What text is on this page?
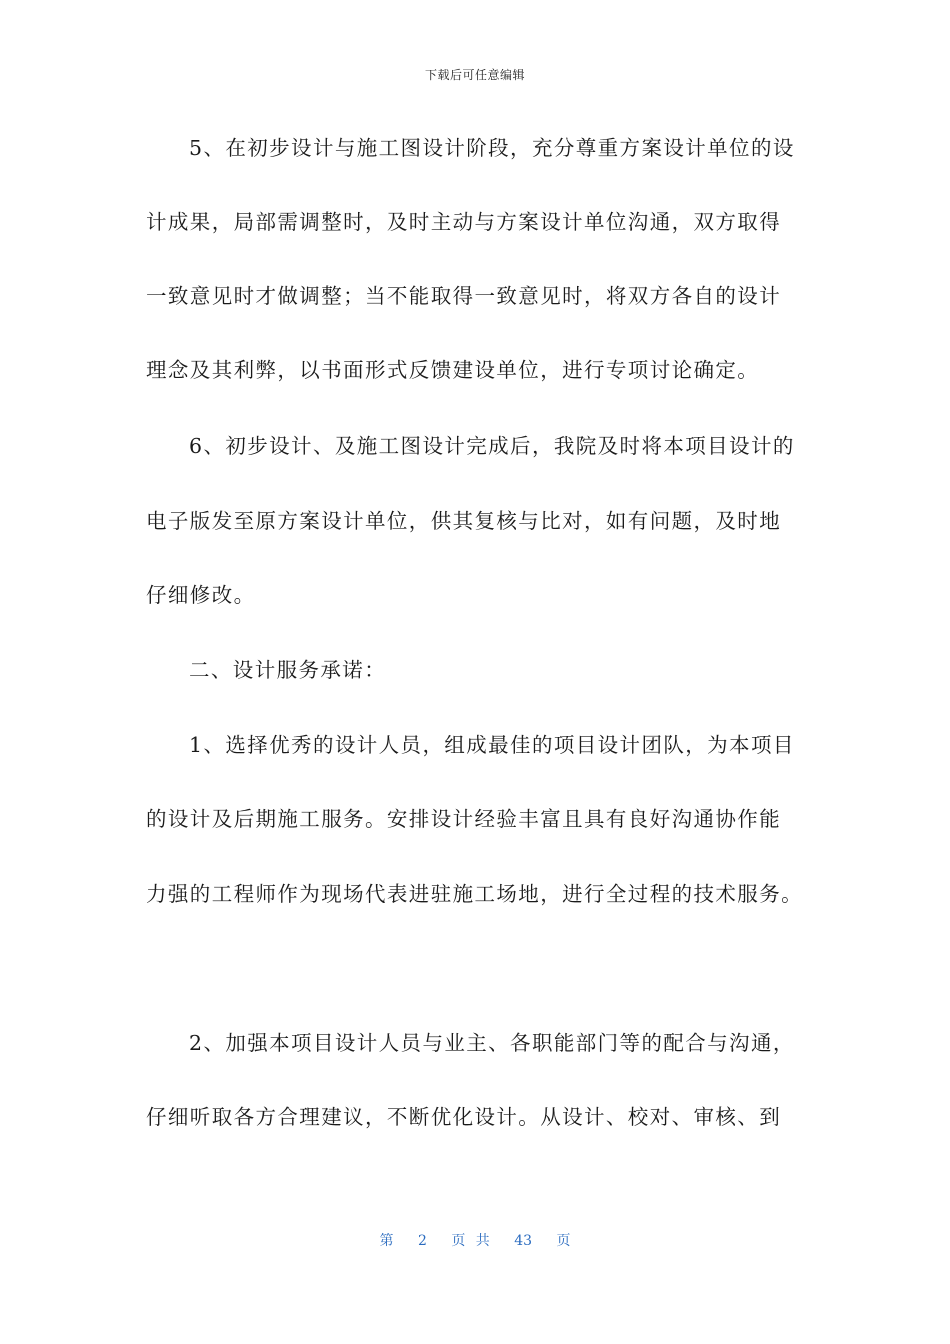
下载后可任意编辑
5、在初步设计与施工图设计阶段，充分尊重方案设计单位的设
计成果，局部需调整时，及时主动与方案设计单位沟通，双方取得
一致意见时才做调整；当不能取得一致意见时，将双方各自的设计
理念及其利弊，以书面形式反馈建设单位，进行专项讨论确定。
6、初步设计、及施工图设计完成后，我院及时将本项目设计的
电子版发至原方案设计单位，供其复核与比对，如有问题，及时地
仔细修改。
二、设计服务承诺：
1、选择优秀的设计人员，组成最佳的项目设计团队，为本项目
的设计及后期施工服务。安排设计经验丰富且具有良好沟通协作能
力强的工程师作为现场代表进驻施工场地，进行全过程的技术服务。
2、加强本项目设计人员与业主、各职能部门等的配合与沟通，
仔细听取各方合理建议，不断优化设计。从设计、校对、审核、到
第 2 页 共 43 页
